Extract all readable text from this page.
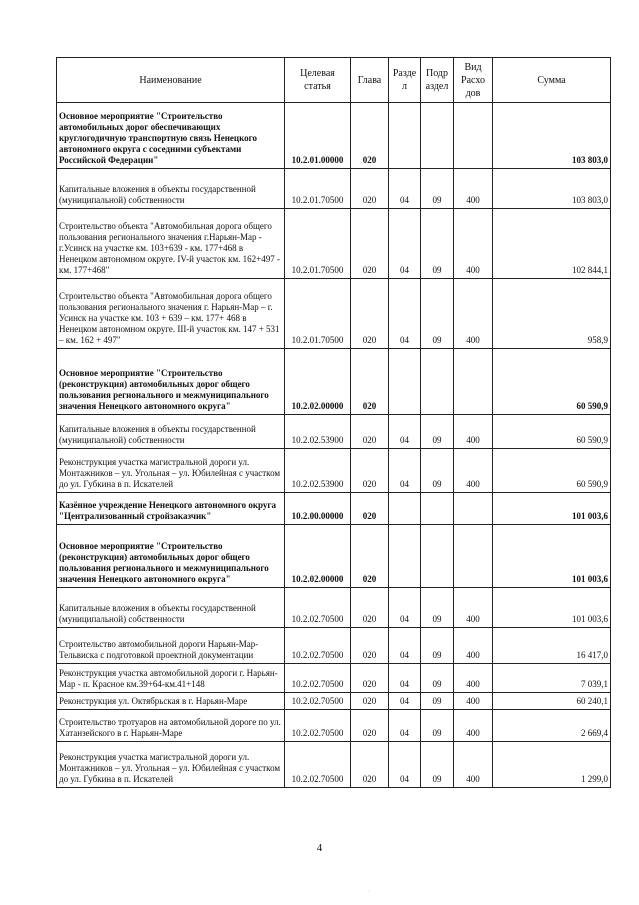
Наименование	Целевая статья	Глава	Разде л	Подр аздел	Вид Расхо дов	Сумма
Основное мероприятие "Строительство автомобильных дорог обеспечивающих круглогодичную транспортную связь Ненецкого автономного округа с соседними субъектами Российской Федерации"	10.2.01.00000	020				103 803,0
Капитальные вложения в объекты государственной (муниципальной) собственности	10.2.01.70500	020	04	09	400	103 803,0
Строительство объекта "Автомобильная дорога общего пользования регионального значения г.Нарьян-Мар - г.Усинск на участке км. 103+639 - км. 177+468 в Ненецком автономном округе. IV-й участок км. 162+497 - км. 177+468"	10.2.01.70500	020	04	09	400	102 844,1
Строительство объекта "Автомобильная дорога общего пользования регионального значения г. Нарьян-Мар – г. Усинск на участке км. 103 + 639 – км. 177+ 468 в Ненецком автономном округе. III-й участок км. 147 + 531 – км. 162 + 497"	10.2.01.70500	020	04	09	400	958,9
Основное мероприятие "Строительство (реконструкция) автомобильных дорог общего пользования регионального и межмуниципального значения Ненецкого автономного округа"	10.2.02.00000	020				60 590,9
Капитальные вложения в объекты государственной (муниципальной) собственности	10.2.02.53900	020	04	09	400	60 590,9
Реконструкция участка магистральной дороги ул. Монтажников – ул. Угольная – ул. Юбилейная с участком до ул. Губкина в п. Искателей	10.2.02.53900	020	04	09	400	60 590,9
Казённое учреждение Ненецкого автономного округа "Централизованный стройзаказчик"	10.2.00.00000	020				101 003,6
Основное мероприятие "Строительство (реконструкция) автомобильных дорог общего пользования регионального и межмуниципального значения Ненецкого автономного округа"	10.2.02.00000	020				101 003,6
Капитальные вложения в объекты государственной (муниципальной) собственности	10.2.02.70500	020	04	09	400	101 003,6
Строительство автомобильной дороги Нарьян-Мар-Тельвиска с подготовкой проектной документации	10.2.02.70500	020	04	09	400	16 417,0
Реконструкция участка автомобильной дороги г. Нарьян-Мар - п. Красное км.39+64-км.41+148	10.2.02.70500	020	04	09	400	7 039,1
Реконструкция ул. Октябрьская в г. Нарьян-Маре	10.2.02.70500	020	04	09	400	60 240,1
Строительство тротуаров на автомобильной дороге по ул. Хатанзейского в г. Нарьян-Маре	10.2.02.70500	020	04	09	400	2 669,4
Реконструкция участка магистральной дороги ул. Монтажников – ул. Угольная – ул. Юбилейная с участком до ул. Губкина в п. Искателей	10.2.02.70500	020	04	09	400	1 299,0
4
·
